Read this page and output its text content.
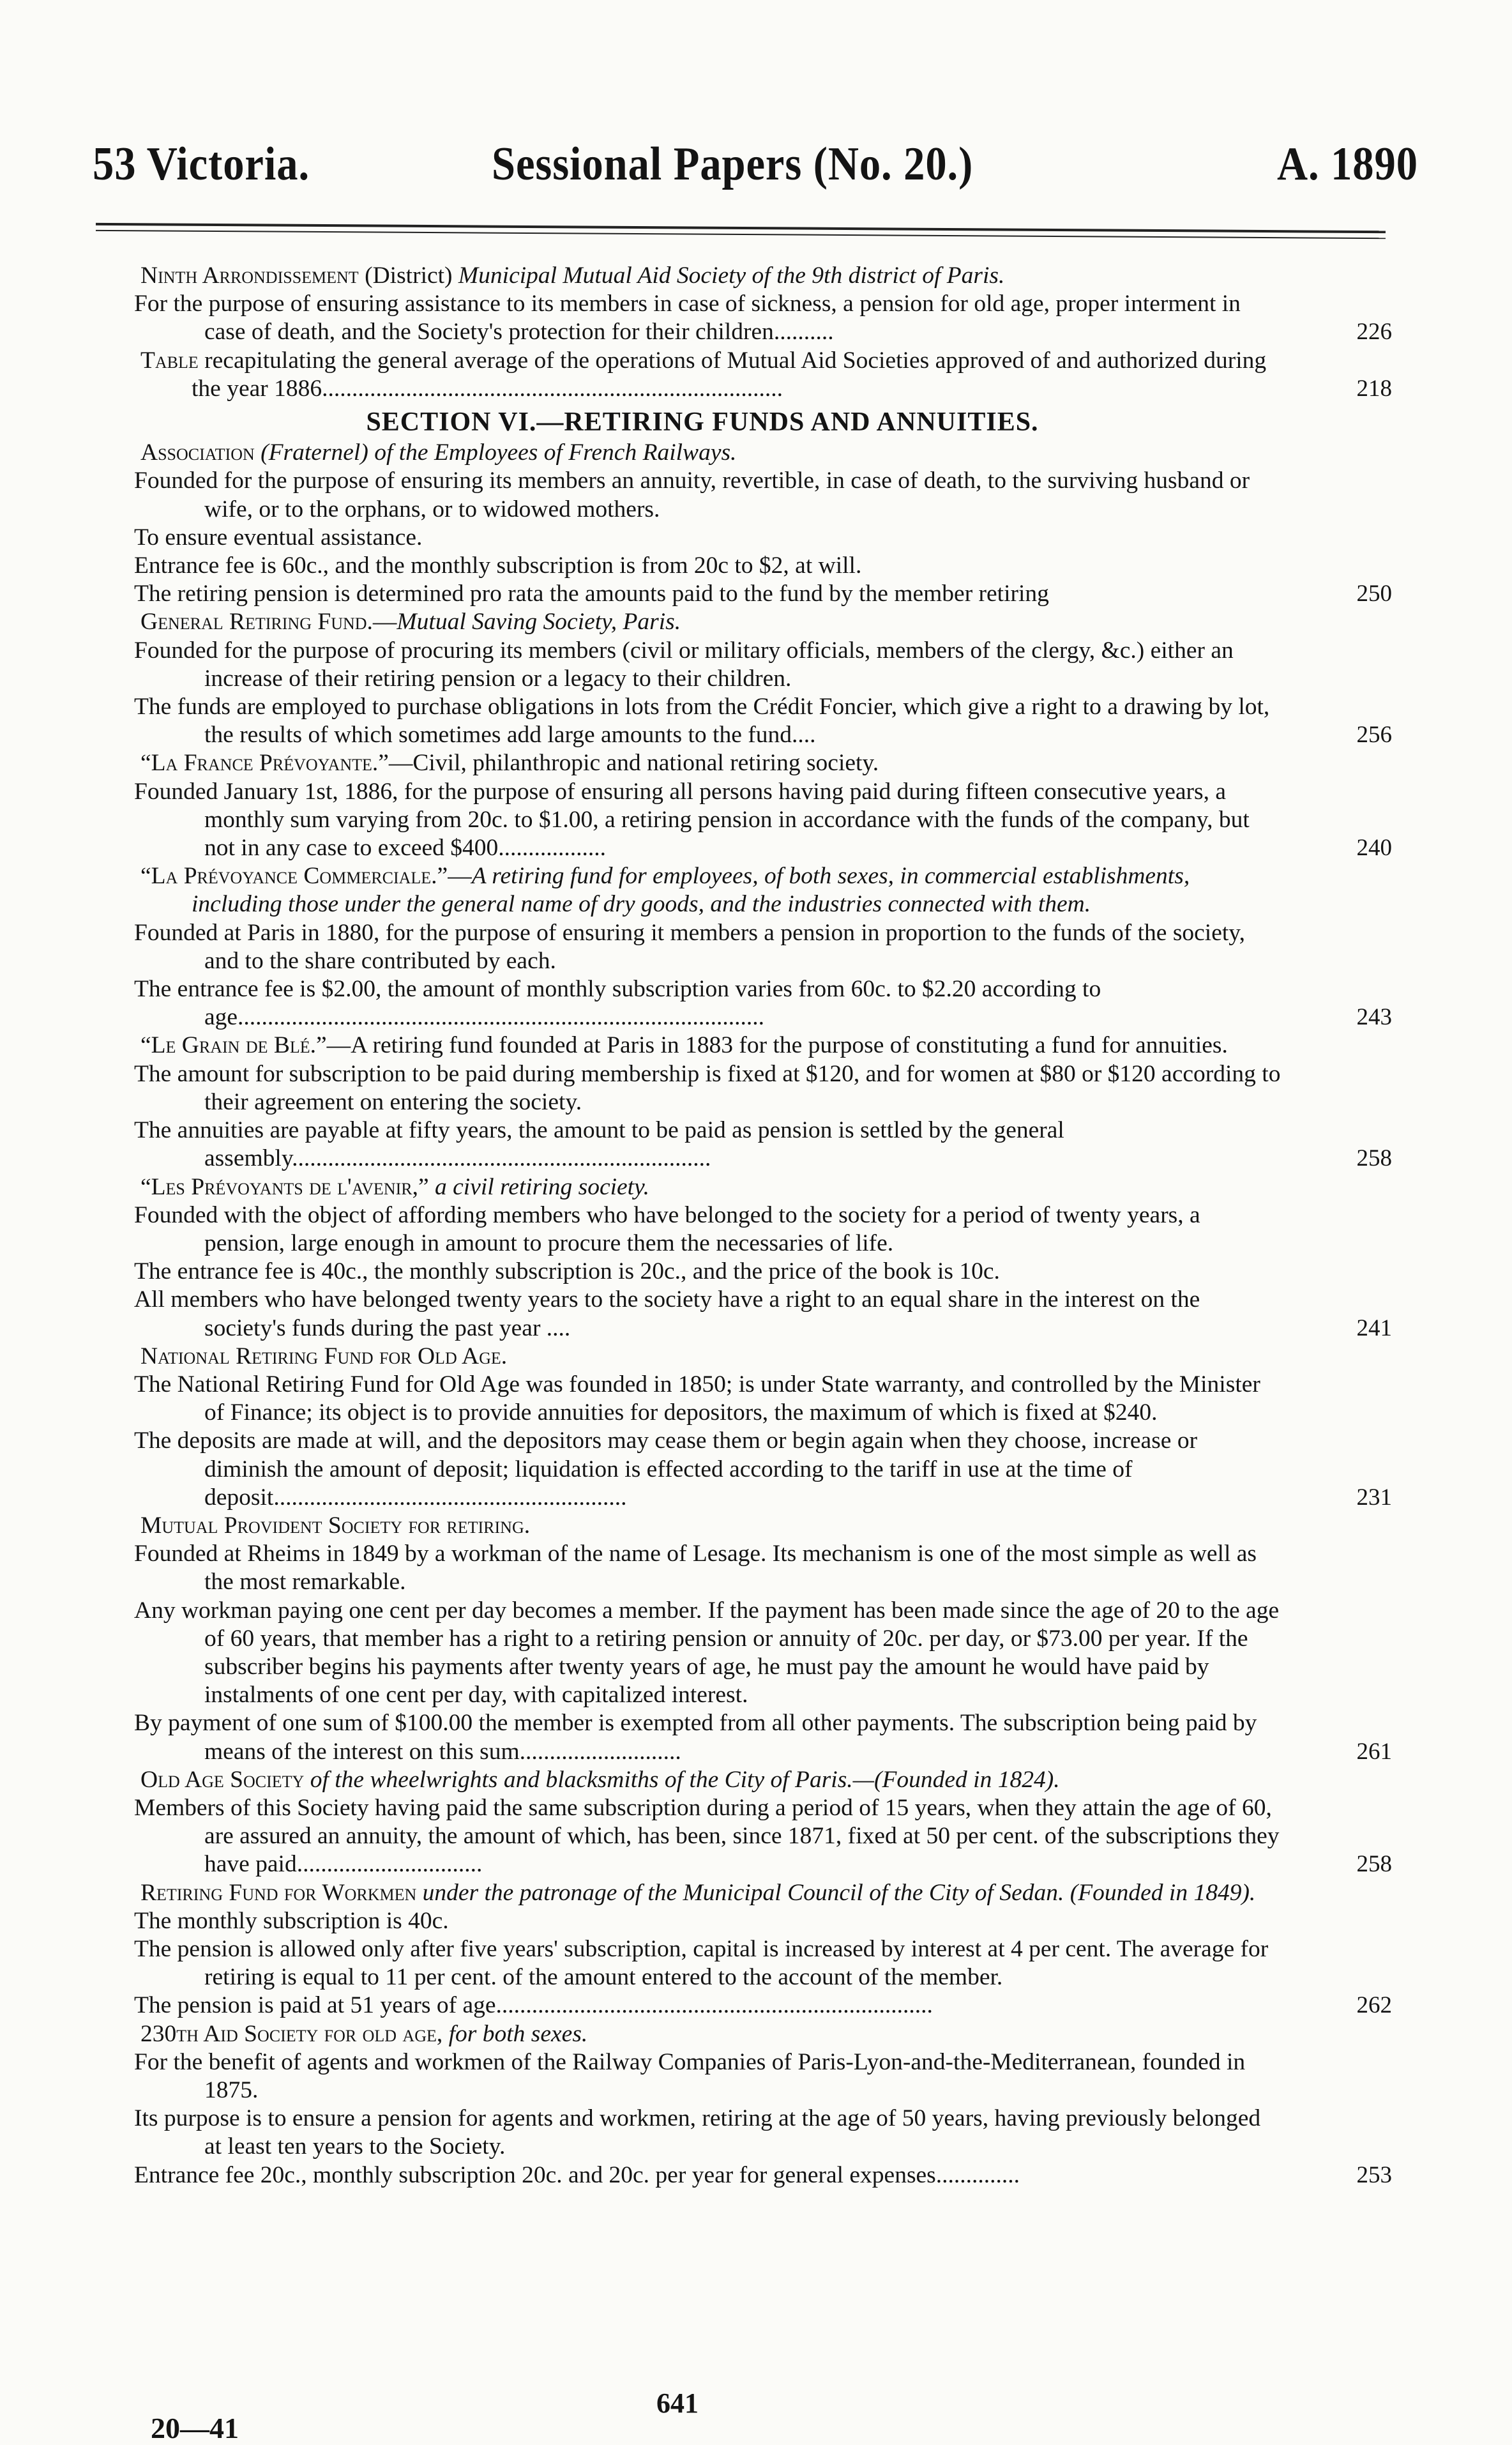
53 Victoria.	Sessional Papers (No. 20.)	A. 1890
Ninth Arrondissement (District) Municipal Mutual Aid Society of the 9th district of Paris.
For the purpose of ensuring assistance to its members in case of sickness, a pension for old age, proper interment in case of death, and the Society's protection for their children..........	226
Table recapitulating the general average of the operations of Mutual Aid Societies approved of and authorized during the year 1886.............................................................................	218
SECTION VI.—RETIRING FUNDS AND ANNUITIES.
Association (Fraternel) of the Employees of French Railways.
Founded for the purpose of ensuring its members an annuity, revertible, in case of death, to the surviving husband or wife, or to the orphans, or to widowed mothers.
To ensure eventual assistance.
Entrance fee is 60c., and the monthly subscription is from 20c to $2, at will.
The retiring pension is determined pro rata the amounts paid to the fund by the member retiring	250
General Retiring Fund.—Mutual Saving Society, Paris.
Founded for the purpose of procuring its members (civil or military officials, members of the clergy, &c.) either an increase of their retiring pension or a legacy to their children.
The funds are employed to purchase obligations in lots from the Crédit Foncier, which give a right to a drawing by lot, the results of which sometimes add large amounts to the fund....	256
“La France Prévoyante.”—Civil, philanthropic and national retiring society.
Founded January 1st, 1886, for the purpose of ensuring all persons having paid during fifteen consecutive years, a monthly sum varying from 20c. to $1.00, a retiring pension in accordance with the funds of the company, but not in any case to exceed $400..................	240
“La Prévoyance Commerciale.”—A retiring fund for employees, of both sexes, in commercial establishments, including those under the general name of dry goods, and the industries connected with them.
Founded at Paris in 1880, for the purpose of ensuring it members a pension in proportion to the funds of the society, and to the share contributed by each.
The entrance fee is $2.00, the amount of monthly subscription varies from 60c. to $2.20 according to age........................................................................................	243
“Le Grain de Blé.”—A retiring fund founded at Paris in 1883 for the purpose of constituting a fund for annuities.
The amount for subscription to be paid during membership is fixed at $120, and for women at $80 or $120 according to their agreement on entering the society.
The annuities are payable at fifty years, the amount to be paid as pension is settled by the general assembly......................................................................	258
“Les Prévoyants de l'avenir,” a civil retiring society.
Founded with the object of affording members who have belonged to the society for a period of twenty years, a pension, large enough in amount to procure them the necessaries of life.
The entrance fee is 40c., the monthly subscription is 20c., and the price of the book is 10c.
All members who have belonged twenty years to the society have a right to an equal share in the interest on the society's funds during the past year ....	241
National Retiring Fund for Old Age.
The National Retiring Fund for Old Age was founded in 1850; is under State warranty, and controlled by the Minister of Finance; its object is to provide annuities for depositors, the maximum of which is fixed at $240.
The deposits are made at will, and the depositors may cease them or begin again when they choose, increase or diminish the amount of deposit; liquidation is effected according to the tariff in use at the time of deposit...........................................................	231
Mutual Provident Society for retiring.
Founded at Rheims in 1849 by a workman of the name of Lesage. Its mechanism is one of the most simple as well as the most remarkable.
Any workman paying one cent per day becomes a member. If the payment has been made since the age of 20 to the age of 60 years, that member has a right to a retiring pension or annuity of 20c. per day, or $73.00 per year. If the subscriber begins his payments after twenty years of age, he must pay the amount he would have paid by instalments of one cent per day, with capitalized interest.
By payment of one sum of $100.00 the member is exempted from all other payments. The subscription being paid by means of the interest on this sum...........................	261
Old Age Society of the wheelwrights and blacksmiths of the City of Paris.—(Founded in 1824).
Members of this Society having paid the same subscription during a period of 15 years, when they attain the age of 60, are assured an annuity, the amount of which, has been, since 1871, fixed at 50 per cent. of the subscriptions they have paid...............................	258
Retiring Fund for Workmen under the patronage of the Municipal Council of the City of Sedan. (Founded in 1849).
The monthly subscription is 40c.
The pension is allowed only after five years' subscription, capital is increased by interest at 4 per cent. The average for retiring is equal to 11 per cent. of the amount entered to the account of the member.
The pension is paid at 51 years of age.........................................................................	262
230th Aid Society for old age, for both sexes.
For the benefit of agents and workmen of the Railway Companies of Paris-Lyon-and-the-Mediterranean, founded in 1875.
Its purpose is to ensure a pension for agents and workmen, retiring at the age of 50 years, having previously belonged at least ten years to the Society.
Entrance fee 20c., monthly subscription 20c. and 20c. per year for general expenses..............	253
641
20—41
